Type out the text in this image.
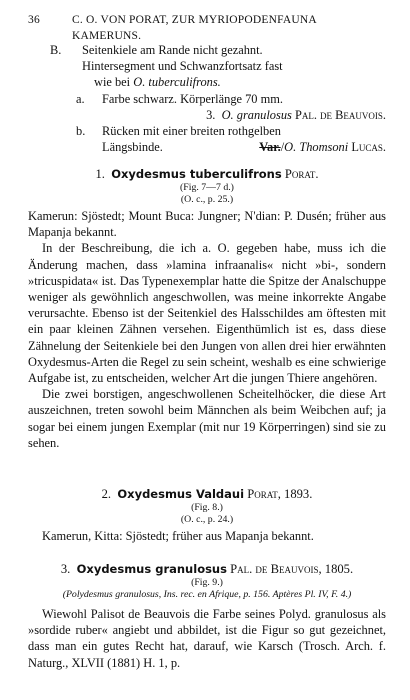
36	C. O. VON PORAT, ZUR MYRIOPODENFAUNA KAMERUNS.
B. Seitenkiele am Rande nicht gezahnt.
Hintersegment und Schwanzfortsatz fast
wie bei O. tuberculifrons.
a. Farbe schwarz. Körperlänge 70 mm.
3. O. granulosus Pal. de Beauvois.
b. Rücken mit einer breiten rothgelben
Längsbinde.	Var./O. Thomsoni Lucas.
1. Oxydesmus tuberculifrons Porat.
(Fig. 7—7 d.)
(O. c., p. 25.)

Kamerun: Sjöstedt; Mount Buca: Jungner; N'dian: P. Dusén; früher aus Mapanja bekannt.

In der Beschreibung, die ich a. O. gegeben habe, muss ich die Änderung machen, dass »lamina infraanalis« nicht »bi-, sondern »tricuspidata« ist. Das Typenexemplar hatte die Spitze der Analschuppe weniger als gewöhnlich angeschwollen, was meine inkorrekte Angabe verursachte. Ebenso ist der Seitenkiel des Halsschildes am öftesten mit ein paar kleinen Zähnen versehen. Eigenthümlich ist es, dass diese Zähnelung der Seitenkiele bei den Jungen von allen drei hier erwähnten Oxydesmus-Arten die Regel zu sein scheint, weshalb es eine schwierige Aufgabe ist, zu entscheiden, welcher Art die jungen Thiere angehören.

Die zwei borstigen, angeschwollenen Scheitelhöcker, die diese Art auszeichnen, treten sowohl beim Männchen als beim Weibchen auf; ja sogar bei einem jungen Exemplar (mit nur 19 Körperringen) sind sie zu sehen.

2. Oxydesmus Valdaui Porat, 1893.
(Fig. 8.)
(O. c., p. 24.)

Kamerun, Kitta: Sjöstedt; früher aus Mapanja bekannt.

3. Oxydesmus granulosus Pal. de Beauvois, 1805.
(Fig. 9.)
(Polydesmus granulosus, Ins. rec. en Afrique, p. 156. Aptères Pl. IV, F. 4.)

Wiewohl Palisot de Beauvois die Farbe seines Polyd. granulosus als »sordide ruber« angiebt und abbildet, ist die Figur so gut gezeichnet, dass man ein gutes Recht hat, darauf, wie Karsch (Trosch. Arch. f. Naturg., XLVII (1881) H. 1, p.
